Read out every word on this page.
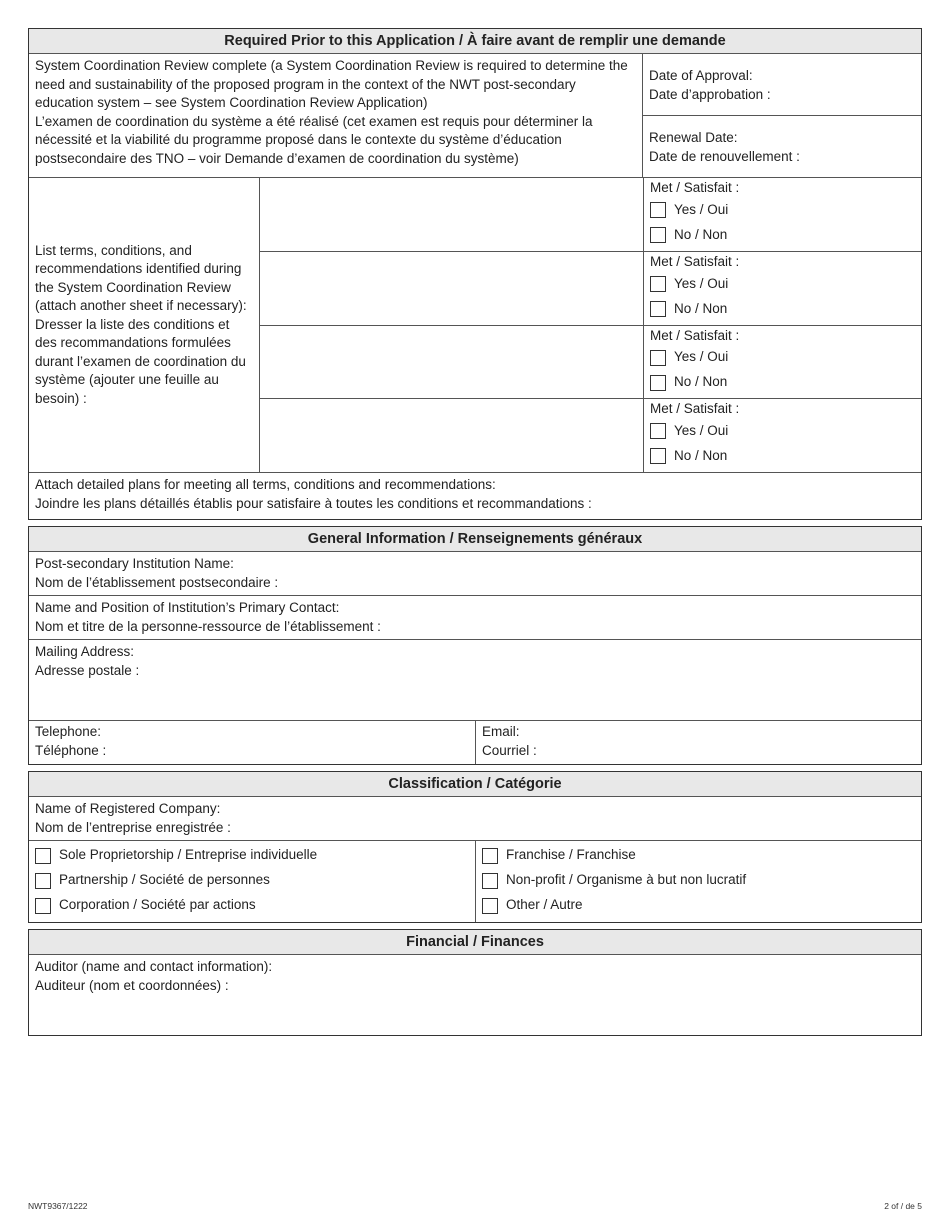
Required Prior to this Application / À faire avant de remplir une demande

System Coordination Review complete (a System Coordination Review is required to determine the need and sustainability of the proposed program in the context of the NWT post-secondary education system – see System Coordination Review Application)

L’examen de coordination du système a été réalisé (cet examen est requis pour déterminer la nécessité et la viabilité du programme proposé dans le contexte du système d’éducation postsecondaire des TNO – voir Demande d’examen de coordination du système)

Date of Approval:

Date d’approbation :

Renewal Date:

Date de renouvellement :

List terms, conditions, and recommendations identified during the System Coordination Review (attach another sheet if necessary):

Dresser la liste des conditions et des recommandations formulées durant l’examen de coordination du système (ajouter une feuille au besoin) :

Met / Satisfait :

Yes / Oui
No / Non

Met / Satisfait :

Yes / Oui
No / Non

Met / Satisfait :

Yes / Oui
No / Non

Met / Satisfait :

Yes / Oui
No / Non

Attach detailed plans for meeting all terms, conditions and recommendations:

Joindre les plans détaillés établis pour satisfaire à toutes les conditions et recommandations :

General Information / Renseignements généraux

Post-secondary Institution Name:

Nom de l’établissement postsecondaire :

Name and Position of Institution’s Primary Contact:

Nom et titre de la personne-ressource de l’établissement :

Mailing Address:

Adresse postale :

Telephone:

Téléphone :

Email:

Courriel :

Classification / Catégorie

Name of Registered Company:

Nom de l’entreprise enregistrée :

Sole Proprietorship / Entreprise individuelle
Partnership / Société de personnes
Corporation / Société par actions
Franchise / Franchise
Non-profit / Organisme à but non lucratif
Other / Autre
Financial / Finances

Auditor (name and contact information):

Auditeur (nom et coordonnées) :

NWT9367/1222	2 of / de 5
